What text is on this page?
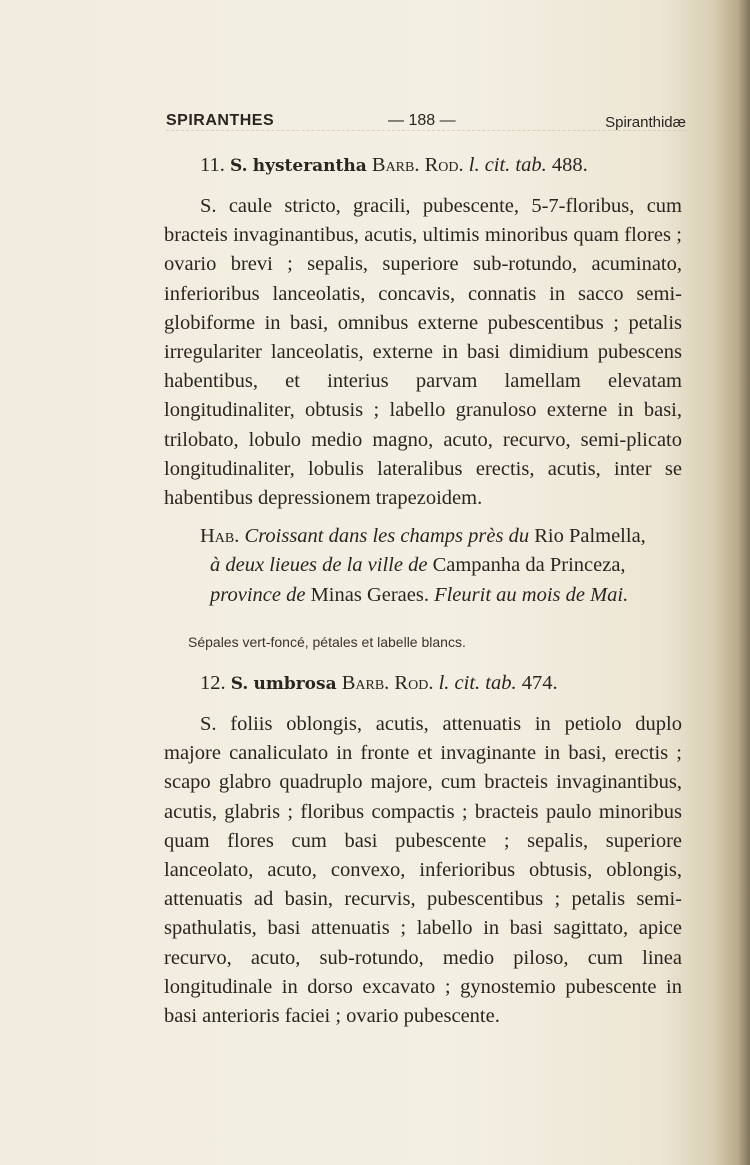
SPIRANTHES	— 188 —	Spiranthidæ
11. S. hysterantha Barb. Rod. l. cit. tab. 488.
S. caule stricto, gracili, pubescente, 5-7-floribus, cum bracteis invaginantibus, acutis, ultimis minoribus quam flores ; ovario brevi ; sepalis, superiore sub-rotundo, acuminato, inferioribus lanceolatis, concavis, connatis in sacco semi-globiforme in basi, omnibus externe pubescentibus ; petalis irregulariter lanceolatis, externe in basi dimidium pubescens habentibus, et interius parvam lamellam elevatam longitudinaliter, obtusis ; labello granuloso externe in basi, trilobato, lobulo medio magno, acuto, recurvo, semi-plicato longitudinaliter, lobulis lateralibus erectis, acutis, inter se habentibus depressionem trapezoidem.
Hab. Croissant dans les champs près du Rio Palmella,
à deux lieues de la ville de Campanha da Princeza,
province de Minas Geraes. Fleurit au mois de Mai.
Sépales vert-foncé, pétales et labelle blancs.
12. S. umbrosa Barb. Rod. l. cit. tab. 474.
S. foliis oblongis, acutis, attenuatis in petiolo duplo majore canaliculato in fronte et invaginante in basi, erectis ; scapo glabro quadruplo majore, cum bracteis invaginantibus, acutis, glabris ; floribus compactis ; bracteis paulo minoribus quam flores cum basi pubescente ; sepalis, superiore lanceolato, acuto, convexo, inferioribus obtusis, oblongis, attenuatis ad basin, recurvis, pubescentibus ; petalis semi-spathulatis, basi attenuatis ; labello in basi sagittato, apice recurvo, acuto, sub-rotundo, medio piloso, cum linea longitudinale in dorso excavato ; gynostemio pubescente in basi anterioris faciei ; ovario pubescente.
